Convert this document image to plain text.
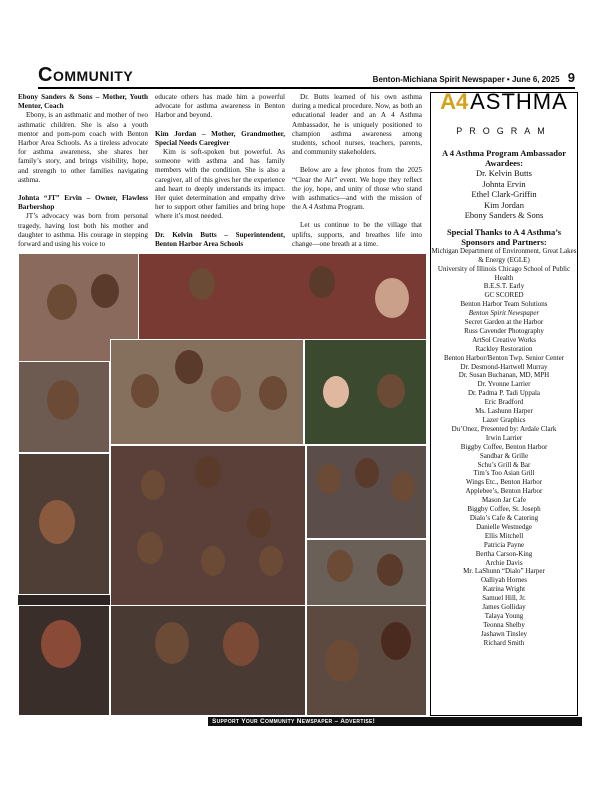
Community	Benton-Michiana Spirit Newspaper • June 6, 2025 9

Ebony Sanders & Sons – Mother, Youth Mentor, Coach

Ebony, is an asthmatic and mother of two asthmatic children. She is also a youth mentor and pom-pom coach with Benton Harbor Area Schools. As a tireless advocate for asthma awareness, she shares her family’s story, and brings visibility, hope, and strength to other families navigating asthma.

Johnta “JT” Ervin – Owner, Flawless Barbershop

JT’s advocacy was born from personal tragedy, having lost both his mother and daughter to asthma. His courage in stepping forward and using his voice to

educate others has made him a powerful advocate for asthma awareness in Benton Harbor and beyond.

Kim Jordan – Mother, Grandmother, Special Needs Caregiver

Kim is soft-spoken but powerful. As someone with asthma and has family members with the condition. She is also a caregiver, all of this gives her the experience and heart to deeply understands its impact. Her quiet determination and empathy drive her to support other families and bring hope where it’s most needed.

Dr. Kelvin Butts – Superintendent, Benton Harbor Area Schools

Dr. Butts learned of his own asthma during a medical procedure. Now, as both an educational leader and an A 4 Asthma Ambassador, he is uniquely positioned to champion asthma awareness among students, school nurses, teachers, parents, and community stakeholders.

Below are a few photos from the 2025 “Clear the Air” event. We hope they reflect the joy, hope, and unity of those who stand with asthmatics—and with the mission of the A 4 Asthma Program.

Let us continue to be the village that uplifts, supports, and breathes life into change—one breath at a time.

A4 ASTHMA
PROGRAM
A 4 Asthma Program Ambassador Awardees:
Dr. Kelvin Butts
Johnta Ervin
Ethel Clark-Griffin
Kim Jordan
Ebony Sanders & Sons
Special Thanks to A 4 Asthma’s Sponsors and Partners:
Michigan Department of Environment, Great Lakes & Energy (EGLE)
University of Illinois Chicago School of Public Health
B.E.S.T. Early
GC SCORED
Benton Harbor Team Solutions
Benton Spirit Newspaper
Secret Garden at the Harbor
Russ Cavender Photography
ArtSol Creative Works
Rackley Restoration
Benton Harbor/Benton Twp. Senior Center
Dr. Desmond-Hartwell Murray
Dr. Susan Buchanan, MD, MPH
Dr. Yvonne Larrier
Dr. Padma P. Tadi Uppala
Eric Bradford
Ms. Lashunn Harper
Lazer Graphics
Du’Onez, Presented by: Ardale Clark
Irwin Larrier
Biggby Coffee, Benton Harbor
Sandbar & Grille
Schu’s Grill & Bar
Tim’s Too Asian Grill
Wings Etc., Benton Harbor
Applebee’s, Benton Harbor
Mason Jar Cafe
Biggby Coffee, St. Joseph
Dialo’s Cafe & Catering
Danielle Westnedge
Ellis Mitchell
Patricia Payne
Bertha Carson-King
Archie Davis
Mr. LaShunn “Dialo” Harper
Oalliyah Hornes
Katrina Wright
Samuel Hill, Jr.
James Golliday
Talaya Young
Teonna Shelby
Jashawn Tinsley
Richard Smith
Support Your Community Newspaper – Advertise!
